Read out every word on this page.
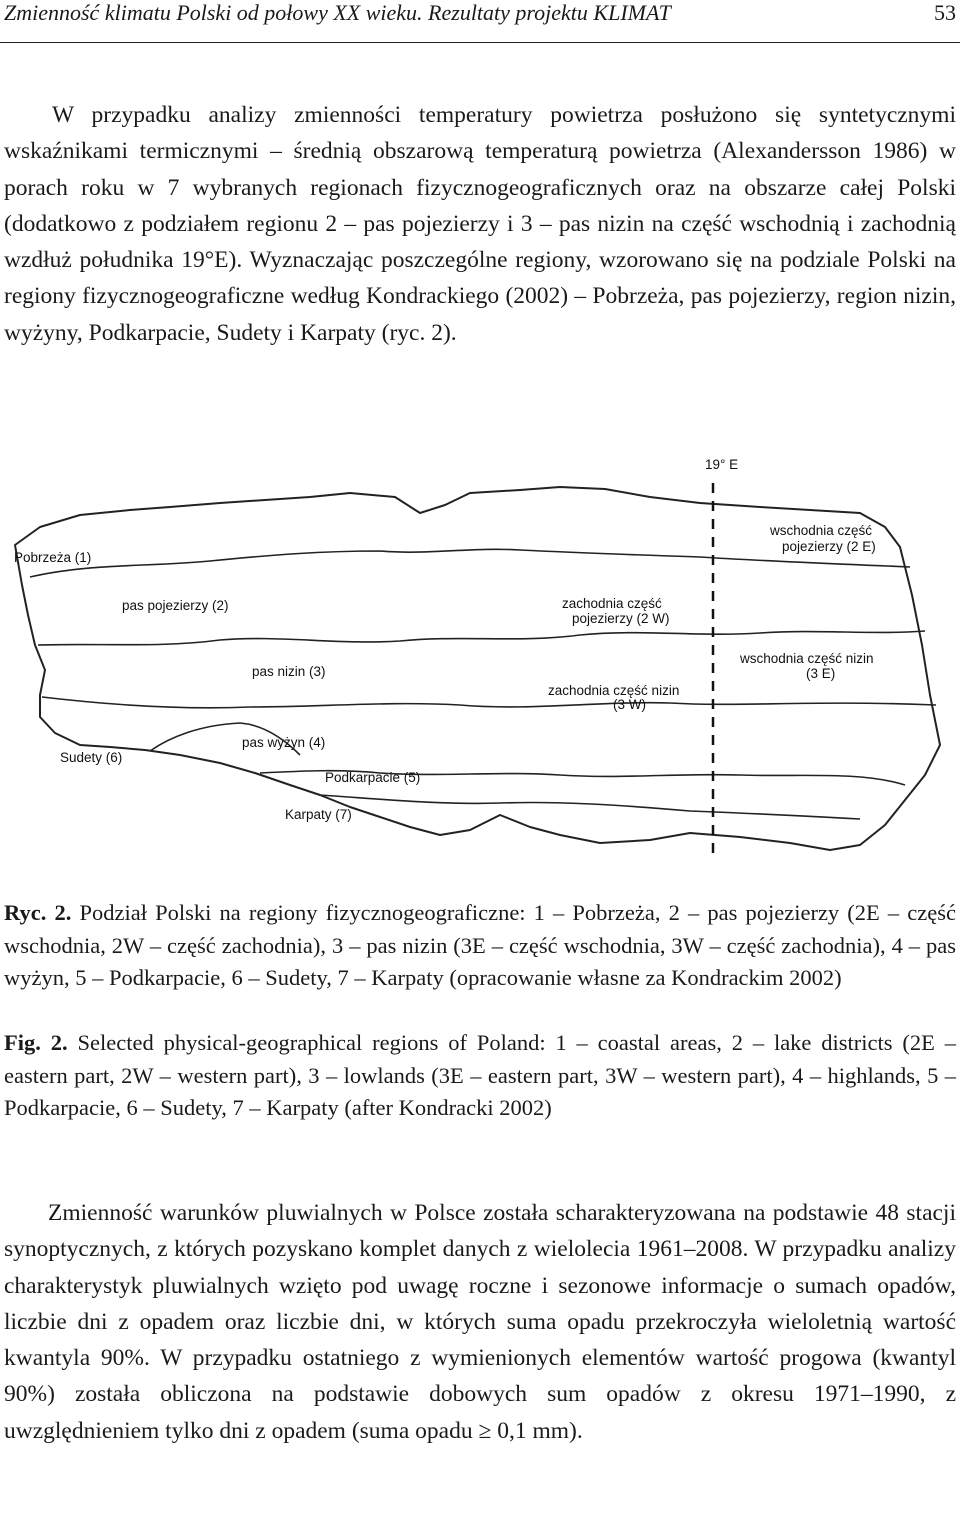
Zmienność klimatu Polski od połowy XX wieku. Rezultaty projektu KLIMAT	53

W przypadku analizy zmienności temperatury powietrza posłużono się syntetycznymi wskaźnikami termicznymi – średnią obszarową temperaturą powietrza (Alexandersson 1986) w porach roku w 7 wybranych regionach fizycznogeograficznych oraz na obszarze całej Polski (dodatkowo z podziałem regionu 2 – pas pojezierzy i 3 – pas nizin na część wschodnią i zachodnią wzdłuż południka 19°E). Wyznaczając poszczególne regiony, wzorowano się na podziale Polski na regiony fizycznogeograficzne według Kondrackiego (2002) – Pobrzeża, pas pojezierzy, region nizin, wyżyny, Podkarpacie, Sudety i Karpaty (ryc. 2).

19° E
Pobrzeża (1)
pas pojezierzy (2)
pas nizin (3)
pas wyżyn (4)
Sudety (6)
Podkarpacie (5)
Karpaty (7)
wschodnia część
pojezierzy (2 E)
zachodnia część
pojezierzy (2 W)
wschodnia część nizin
(3 E)
zachodnia część nizin
(3 W)

Ryc. 2. Podział Polski na regiony fizycznogeograficzne: 1 – Pobrzeża, 2 – pas pojezierzy (2E – część wschodnia, 2W – część zachodnia), 3 – pas nizin (3E – część wschodnia, 3W – część zachodnia), 4 – pas wyżyn, 5 – Podkarpacie, 6 – Sudety, 7 – Karpaty (opracowanie własne za Kondrackim 2002)

Fig. 2. Selected physical-geographical regions of Poland: 1 – coastal areas, 2 – lake districts (2E – eastern part, 2W – western part), 3 – lowlands (3E – eastern part, 3W – western part), 4 – highlands, 5 – Podkarpacie, 6 – Sudety, 7 – Karpaty (after Kondracki 2002)

Zmienność warunków pluwialnych w Polsce została scharakteryzowana na podstawie 48 stacji synoptycznych, z których pozyskano komplet danych z wielolecia 1961–2008. W przypadku analizy charakterystyk pluwialnych wzięto pod uwagę roczne i sezonowe informacje o sumach opadów, liczbie dni z opadem oraz liczbie dni, w których suma opadu przekroczyła wieloletnią wartość kwantyla 90%. W przypadku ostatniego z wymienionych elementów wartość progowa (kwantyl 90%) została obliczona na podstawie dobowych sum opadów z okresu 1971–1990, z uwzględnieniem tylko dni z opadem (suma opadu ≥ 0,1 mm).
